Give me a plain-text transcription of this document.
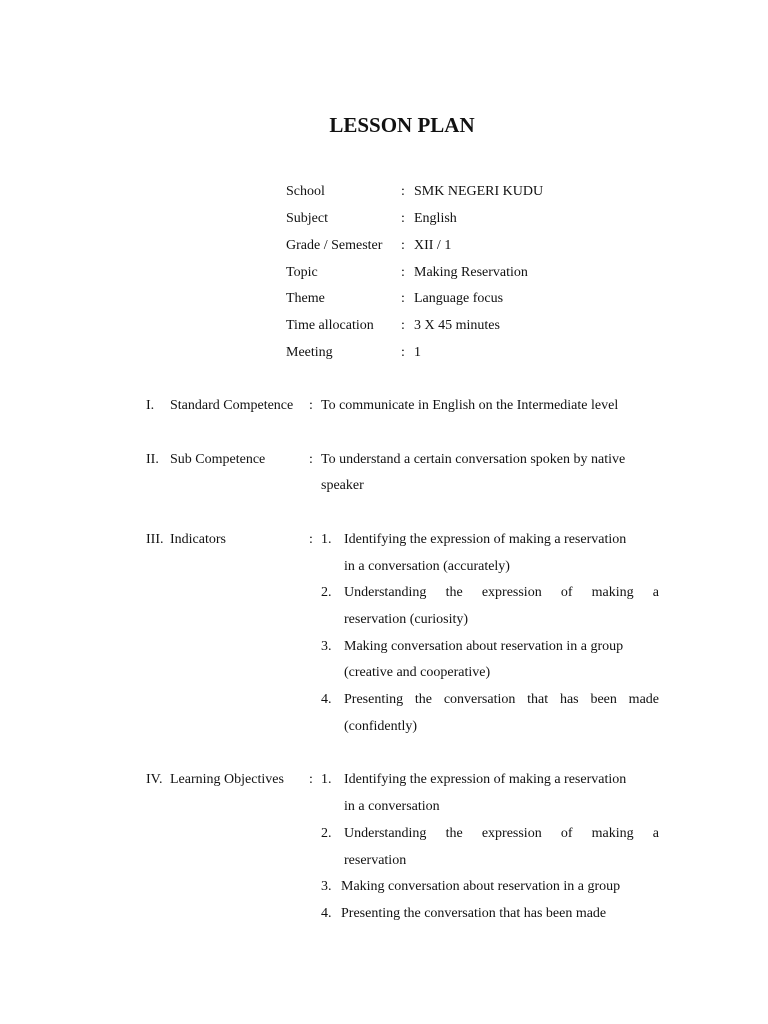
LESSON PLAN
School	: SMK NEGERI KUDU
Subject	: English
Grade / Semester : XII / 1
Topic	: Making Reservation
Theme	: Language focus
Time allocation : 3 X 45 minutes
Meeting	: 1
I. Standard Competence : To communicate in English on the Intermediate level
II. Sub Competence	: To understand a certain conversation spoken by native
speaker
III. Indicators	: 1. Identifying the expression of making a reservation
in a conversation (accurately)
2. Understanding the expression of making a
reservation (curiosity)
3. Making conversation about reservation in a group
(creative and cooperative)
4. Presenting the conversation that has been made
(confidently)
IV. Learning Objectives : 1. Identifying the expression of making a reservation
in a conversation
2. Understanding the expression of making a
reservation
3. Making conversation about reservation in a group
4. Presenting the conversation that has been made
